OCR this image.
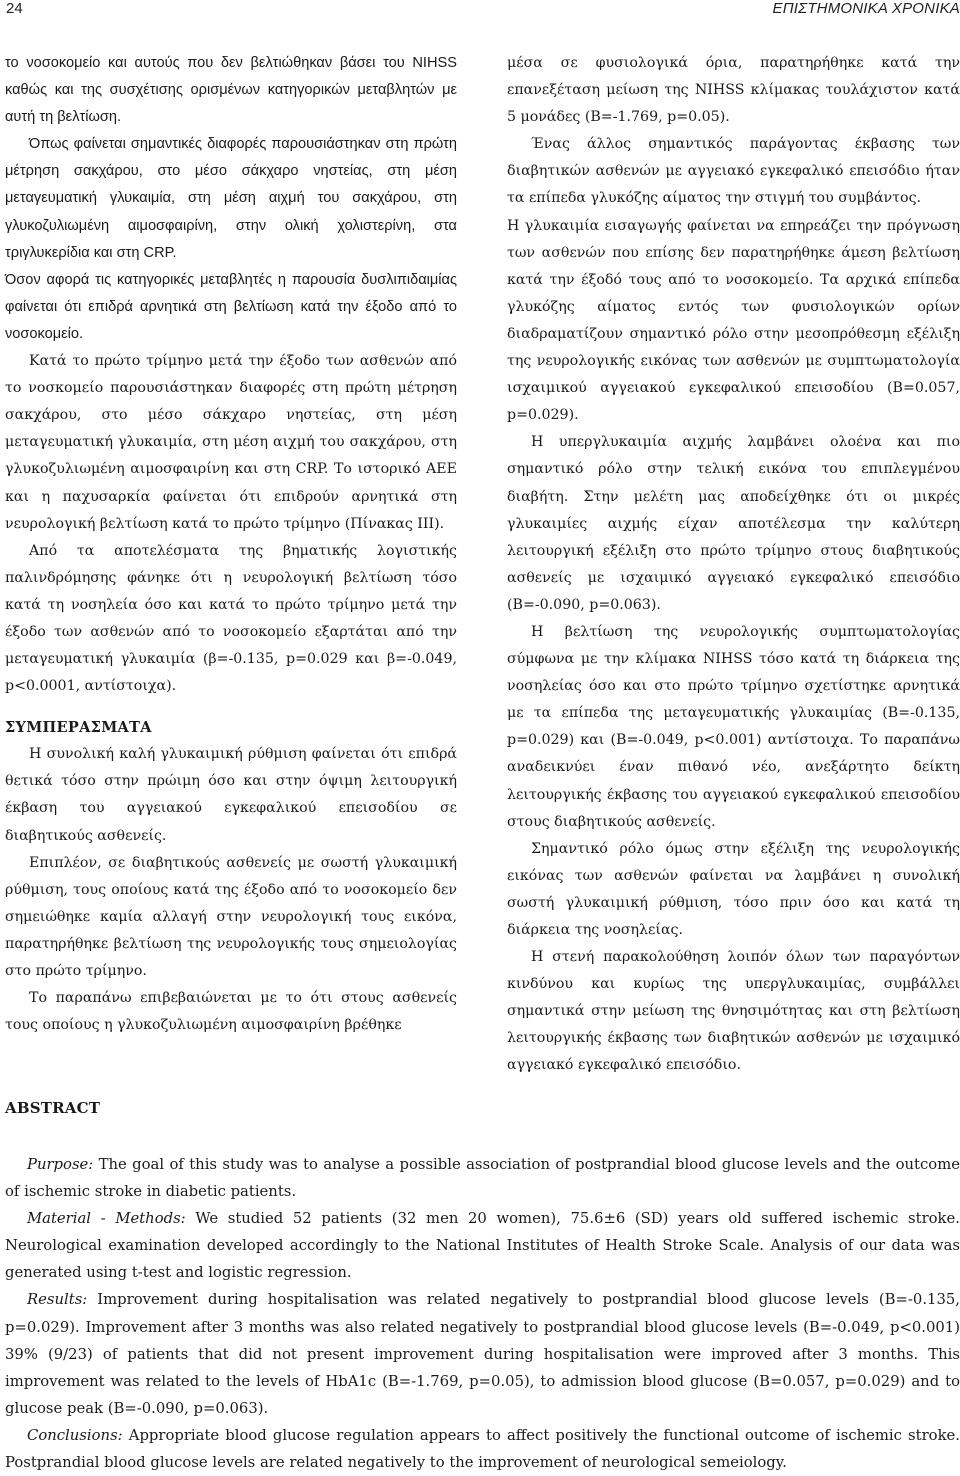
24	ΕΠΙΣΤΗΜΟΝΙΚΑ ΧΡΟΝΙΚΑ

το νοσοκομείο και αυτούς που δεν βελτιώθηκαν βάσει του NIHSS καθώς και της συσχέτισης ορισμένων κατηγορικών μεταβλητών με αυτή τη βελτίωση.

Όπως φαίνεται σημαντικές διαφορές παρουσιάστηκαν στη πρώτη μέτρηση σακχάρου, στο μέσο σάκχαρο νηστείας, στη μέση μεταγευματική γλυκαιμία, στη μέση αιχμή του σακχάρου, στη γλυκοζυλιωμένη αιμοσφαιρίνη, στην ολική χολιστερίνη, στα τριγλυκερίδια και στη CRP.

Όσον αφορά τις κατηγορικές μεταβλητές η παρουσία δυσλιπιδαιμίας φαίνεται ότι επιδρά αρνητικά στη βελτίωση κατά την έξοδο από το νοσοκομείο.

Κατά το πρώτο τρίμηνο μετά την έξοδο των ασθενών από το νοσκομείο παρουσιάστηκαν διαφορές στη πρώτη μέτρηση σακχάρου, στο μέσο σάκχαρο νηστείας, στη μέση μεταγευματική γλυκαιμία, στη μέση αιχμή του σακχάρου, στη γλυκοζυλιωμένη αιμοσφαιρίνη και στη CRP. Το ιστορικό ΑΕΕ και η παχυσαρκία φαίνεται ότι επιδρούν αρνητικά στη νευρολογική βελτίωση κατά το πρώτο τρίμηνο (Πίνακας ΙΙΙ).

Από τα αποτελέσματα της βηματικής λογιστικής παλινδρόμησης φάνηκε ότι η νευρολογική βελτίωση τόσο κατά τη νοσηλεία όσο και κατά το πρώτο τρίμηνο μετά την έξοδο των ασθενών από το νοσοκομείο εξαρτάται από την μεταγευματική γλυκαιμία (β=-0.135, p=0.029 και β=-0.049, p<0.0001, αντίστοιχα).

ΣΥΜΠΕΡΑΣΜΑΤΑ

Η συνολική καλή γλυκαιμική ρύθμιση φαίνεται ότι επιδρά θετικά τόσο στην πρώιμη όσο και στην όψιμη λειτουργική έκβαση του αγγειακού εγκεφαλικού επεισοδίου σε διαβητικούς ασθενείς.

Επιπλέον, σε διαβητικούς ασθενείς με σωστή γλυκαιμική ρύθμιση, τους οποίους κατά της έξοδο από το νοσοκομείο δεν σημειώθηκε καμία αλλαγή στην νευρολογική τους εικόνα, παρατηρήθηκε βελτίωση της νευρολογικής τους σημειολογίας στο πρώτο τρίμηνο.

Το παραπάνω επιβεβαιώνεται με το ότι στους ασθενείς τους οποίους η γλυκοζυλιωμένη αιμοσφαιρίνη βρέθηκε

μέσα σε φυσιολογικά όρια, παρατηρήθηκε κατά την επανεξέταση μείωση της NIHSS κλίμακας τουλάχιστον κατά 5 μονάδες (B=-1.769, p=0.05).

Ένας άλλος σημαντικός παράγοντας έκβασης των διαβητικών ασθενών με αγγειακό εγκεφαλικό επεισόδιο ήταν τα επίπεδα γλυκόζης αίματος την στιγμή του συμβάντος.

Η γλυκαιμία εισαγωγής φαίνεται να επηρεάζει την πρόγνωση των ασθενών που επίσης δεν παρατηρήθηκε άμεση βελτίωση κατά την έξοδό τους από το νοσοκομείο. Τα αρχικά επίπεδα γλυκόζης αίματος εντός των φυσιολογικών ορίων διαδραματίζουν σημαντικό ρόλο στην μεσοπρόθεσμη εξέλιξη της νευρολογικής εικόνας των ασθενών με συμπτωματολογία ισχαιμικού αγγειακού εγκεφαλικού επεισοδίου (B=0.057, p=0.029).

Η υπεργλυκαιμία αιχμής λαμβάνει ολοένα και πιο σημαντικό ρόλο στην τελική εικόνα του επιπλεγμένου διαβήτη. Στην μελέτη μας αποδείχθηκε ότι οι μικρές γλυκαιμίες αιχμής είχαν αποτέλεσμα την καλύτερη λειτουργική εξέλιξη στο πρώτο τρίμηνο στους διαβητικούς ασθενείς με ισχαιμικό αγγειακό εγκεφαλικό επεισόδιο (B=-0.090, p=0.063).

Η βελτίωση της νευρολογικής συμπτωματολογίας σύμφωνα με την κλίμακα NIHSS τόσο κατά τη διάρκεια της νοσηλείας όσο και στο πρώτο τρίμηνο σχετίστηκε αρνητικά με τα επίπεδα της μεταγευματικής γλυκαιμίας (B=-0.135, p=0.029) και (B=-0.049, p<0.001) αντίστοιχα. Το παραπάνω αναδεικνύει έναν πιθανό νέο, ανεξάρτητο δείκτη λειτουργικής έκβασης του αγγειακού εγκεφαλικού επεισοδίου στους διαβητικούς ασθενείς.

Σημαντικό ρόλο όμως στην εξέλιξη της νευρολογικής εικόνας των ασθενών φαίνεται να λαμβάνει η συνολική σωστή γλυκαιμική ρύθμιση, τόσο πριν όσο και κατά τη διάρκεια της νοσηλείας.

Η στενή παρακολούθηση λοιπόν όλων των παραγόντων κινδύνου και κυρίως της υπεργλυκαιμίας, συμβάλλει σημαντικά στην μείωση της θνησιμότητας και στη βελτίωση λειτουργικής έκβασης των διαβητικών ασθενών με ισχαιμικό αγγειακό εγκεφαλικό επεισόδιο.

ABSTRACT

Purpose: The goal of this study was to analyse a possible association of postprandial blood glucose levels and the outcome of ischemic stroke in diabetic patients.

Material - Methods: We studied 52 patients (32 men 20 women), 75.6±6 (SD) years old suffered ischemic stroke. Neurological examination developed accordingly to the National Institutes of Health Stroke Scale. Analysis of our data was generated using t-test and logistic regression.

Results: Improvement during hospitalisation was related negatively to postprandial blood glucose levels (B=-0.135, p=0.029). Improvement after 3 months was also related negatively to postprandial blood glucose levels (B=-0.049, p<0.001) 39% (9/23) of patients that did not present improvement during hospitalisation were improved after 3 months. This improvement was related to the levels of HbA1c (B=-1.769, p=0.05), to admission blood glucose (B=0.057, p=0.029) and to glucose peak (B=-0.090, p=0.063).

Conclusions: Appropriate blood glucose regulation appears to affect positively the functional outcome of ischemic stroke. Postprandial blood glucose levels are related negatively to the improvement of neurological semeiology.
